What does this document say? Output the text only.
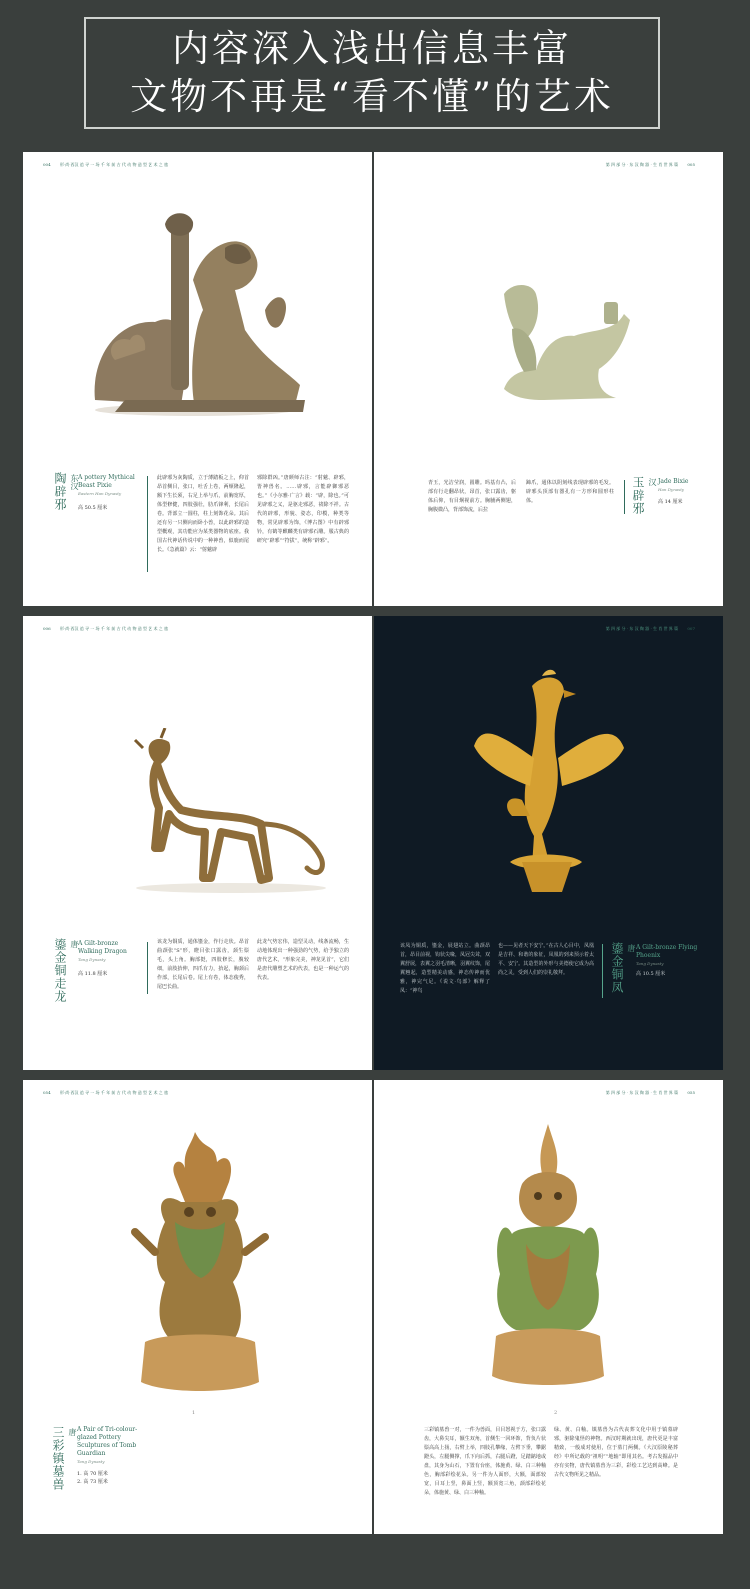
内容深入浅出信息丰富
文物不再是“看不懂”的艺术
004 形·尚·西汉 追 寻 一 场 千 年 前 古 代 动 物 造 型 艺 术 之 旅
陶辟邪 东汉 A pottery Mythical Beast Pixie
Eastern Han Dynasty
高 50.5 厘米
此辟邪为灰陶质，立于薄踏板之上，仰首昂首侧目，张口，吐舌上卷，两颊隆起，额下生长须，右足上举与爪，前胸宽厚，体型修健，四肢强壮，肋爪锋利，长尾后卷。背部立一圆柱，柱上刻饰花朵。其后还有另一只侧向而卧小兽，以此辟邪的造型概观，其功能应为某类器物的底座。我国古代神话传说中的一种神兽，似鹿而尾长。《急就篇》云：“射魃辟
邪除群凶。”唐颜师古注：“射魃、辟邪，皆神兽名。……辟邪，言能辟御邪恶也。”《小尔雅·广言》载：“辟，除也。”可见辟邪之义，是驱走邪恶，祓除不祥。古代的辟邪，形貌、姿态，印模，种类等物，常见辟邪为饰，《博古图》中有辟邪钤，有鹤等麒麟类有辟邪石雕。服古典的研究“辟邪”“符拔”，统称“辟邪”。
第 四 部 分 · 东 汉 陶 器 · 生 肖 世 界 篇 005
青玉，光洁莹润，圆雕。吗基有凸，后部有行走翻昂状，昂首，张口露齿，躯体后仰，有目炯视前方。胸脯两侧翅，胸腹微凸，背部饰流，后拉
蹄爪，通体以阴刻线表现辟邪的毛发。辟邪头顶部有器孔有一方形和圆形柱体。	玉辟邪 汉 Jade Bixie
Han Dynasty
高 14 厘米
006 形·尚·西汉 追 寻 一 场 千 年 前 古 代 动 物 造 型 艺 术 之 旅
鎏金铜走龙 唐 A Gilt-bronze Walking Dragon
Tang Dynasty
高 11.8 厘米
该龙为铜质，通体鎏金，作行走状。昂首曲颈张“S”形，瞪目张口露齿，颈生鬃毛，头上角。胸部挺，四肢修长，腹较细，前肢抬伸，四爪有力，抬起，胸颈后作部，长尾后卷。尾上有卷，体态俊秀，尾巴长曲。
此龙气势宏伟，造型灵动，线条流畅，生动地体现出一种强劲的气势，给予独立的唐代艺术，“形象完美，神龙见首”，它们是唐代雕塑艺术的代表，也是一种运气的代表。
第 四 部 分 · 东 汉 陶 器 · 生 肖 世 界 篇 007
该凤为铜质，鎏金，展翅站立。曲颈昂首，昂目前视，钩状尖喙，凤冠尖耸，双翼舒展，表翼之羽毛清晰，羽翼纹饰，尾翼翘起，造型精美动感，神态传神而优雅，神完气足。《说文·鸟部》解释了凤：“神鸟
也——见者天下安宁。”在古人心目中，凤凰是吉祥、和谐的象征，凤凰的到来预示着太平、安宁。其造型的外形与美德使它成为高尚之灵，受到人们的崇礼敬拜。	鎏金铜凤 唐 A Gilt-bronze Flying Phoenix
Tang Dynasty
高 10.5 厘米
054 形·尚·西汉 追 寻 一 场 千 年 前 古 代 动 物 造 型 艺 术 之 旅
1
三彩镇墓兽 唐 A Pair of Tri-colour-glazed Pottery Sculptures of Tomb Guardian
Tang Dynasty
1. 高 70 厘米
2. 高 73 厘米
第 四 部 分 · 东 汉 陶 器 · 生 肖 世 界 篇 055
2
三彩镇墓兽一对，一件为兽面，目目怒视于方，张口露齿，大鼻尖耳，额生双角，首侧生一回环饰，背负片状鬃高高上扬，右臂上举，四肢孔攀缘，左臂下垂，攀踞蹬头，左腿侧撑，爪下向后抓，右腿后蹬，足踏踮地或盘，其身为山石，下置有台座，体施黄、绿、白三种釉色，胸部彩绘花朵。另一件为人面形，大额，面部较宽，目耳上竖，鼻面上竖，额顶宽三角，颈部彩绘花朵，体施黄、绿、白三种釉。
绿、黄、白釉。镇墓兽为古代丧葬文化中用于镇墓辟邪，驱除鬼怪的神物。西汉时期就出现，唐代更是丰富精致，一般成对使用，位于墓门两侧。《大汉原陵秘葬经》中所记载的“祖明”“地轴”即用其名。考古发掘品中亦有实物，唐代镇墓兽为三彩，彩绘工艺达到高峰。是古代文物所见之精品。
